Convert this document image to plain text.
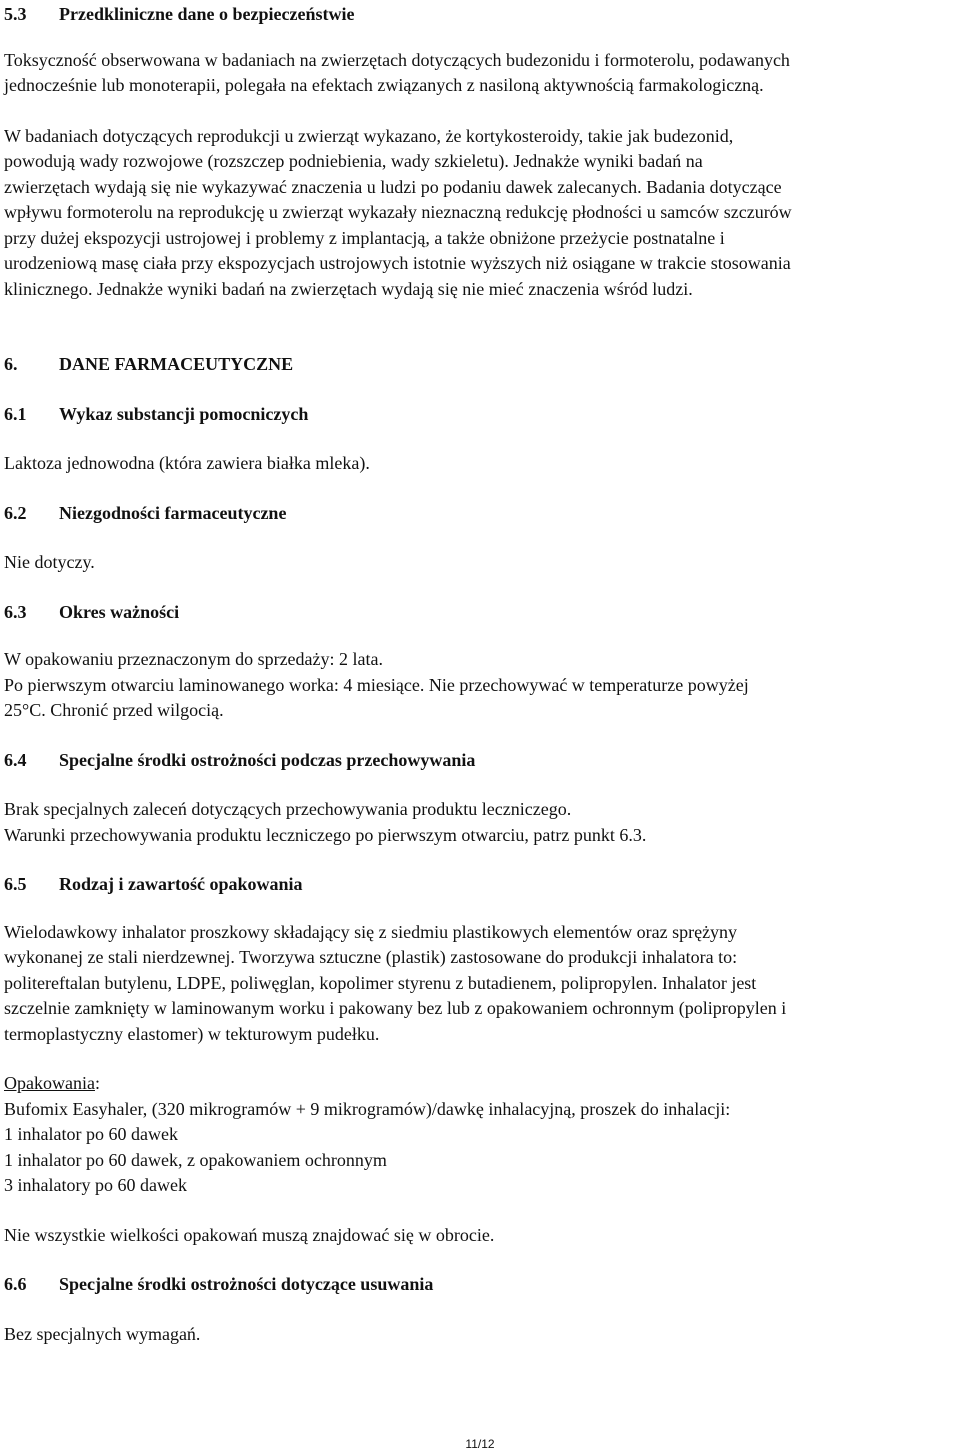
5.3 Przedkliniczne dane o bezpieczeństwie
Toksyczność obserwowana w badaniach na zwierzętach dotyczących budezonidu i formoterolu, podawanych
jednocześnie lub monoterapii, polegała na efektach związanych z nasiloną aktywnością farmakologiczną.
W badaniach dotyczących reprodukcji u zwierząt wykazano, że kortykosteroidy, takie jak budezonid,
powodują wady rozwojowe (rozszczep podniebienia, wady szkieletu). Jednakże wyniki badań na
zwierzętach wydają się nie wykazywać znaczenia u ludzi po podaniu dawek zalecanych. Badania dotyczące
wpływu formoterolu na reprodukcję u zwierząt wykazały nieznaczną redukcję płodności u samców szczurów
przy dużej ekspozycji ustrojowej i problemy z implantacją, a także obniżone przeżycie postnatalne i
urodzeniową masę ciała przy ekspozycjach ustrojowych istotnie wyższych niż osiągane w trakcie stosowania
klinicznego. Jednakże wyniki badań na zwierzętach wydają się nie mieć znaczenia wśród ludzi.
6. DANE FARMACEUTYCZNE
6.1 Wykaz substancji pomocniczych
Laktoza jednowodna (która zawiera białka mleka).
6.2 Niezgodności farmaceutyczne
Nie dotyczy.
6.3 Okres ważności
W opakowaniu przeznaczonym do sprzedaży: 2 lata.
Po pierwszym otwarciu laminowanego worka: 4 miesiące. Nie przechowywać w temperaturze powyżej
25°C. Chronić przed wilgocią.
6.4 Specjalne środki ostrożności podczas przechowywania
Brak specjalnych zaleceń dotyczących przechowywania produktu leczniczego.
Warunki przechowywania produktu leczniczego po pierwszym otwarciu, patrz punkt 6.3.
6.5 Rodzaj i zawartość opakowania
Wielodawkowy inhalator proszkowy składający się z siedmiu plastikowych elementów oraz sprężyny
wykonanej ze stali nierdzewnej. Tworzywa sztuczne (plastik) zastosowane do produkcji inhalatora to:
politereftalan butylenu, LDPE, poliwęglan, kopolimer styrenu z butadienem, polipropylen. Inhalator jest
szczelnie zamknięty w laminowanym worku i pakowany bez lub z opakowaniem ochronnym (polipropylen i
termoplastyczny elastomer) w tekturowym pudełku.
Opakowania:
Bufomix Easyhaler, (320 mikrogramów + 9 mikrogramów)/dawkę inhalacyjną, proszek do inhalacji:
1 inhalator po 60 dawek
1 inhalator po 60 dawek, z opakowaniem ochronnym
3 inhalatory po 60 dawek
Nie wszystkie wielkości opakowań muszą znajdować się w obrocie.
6.6 Specjalne środki ostrożności dotyczące usuwania
Bez specjalnych wymagań.
11/12
